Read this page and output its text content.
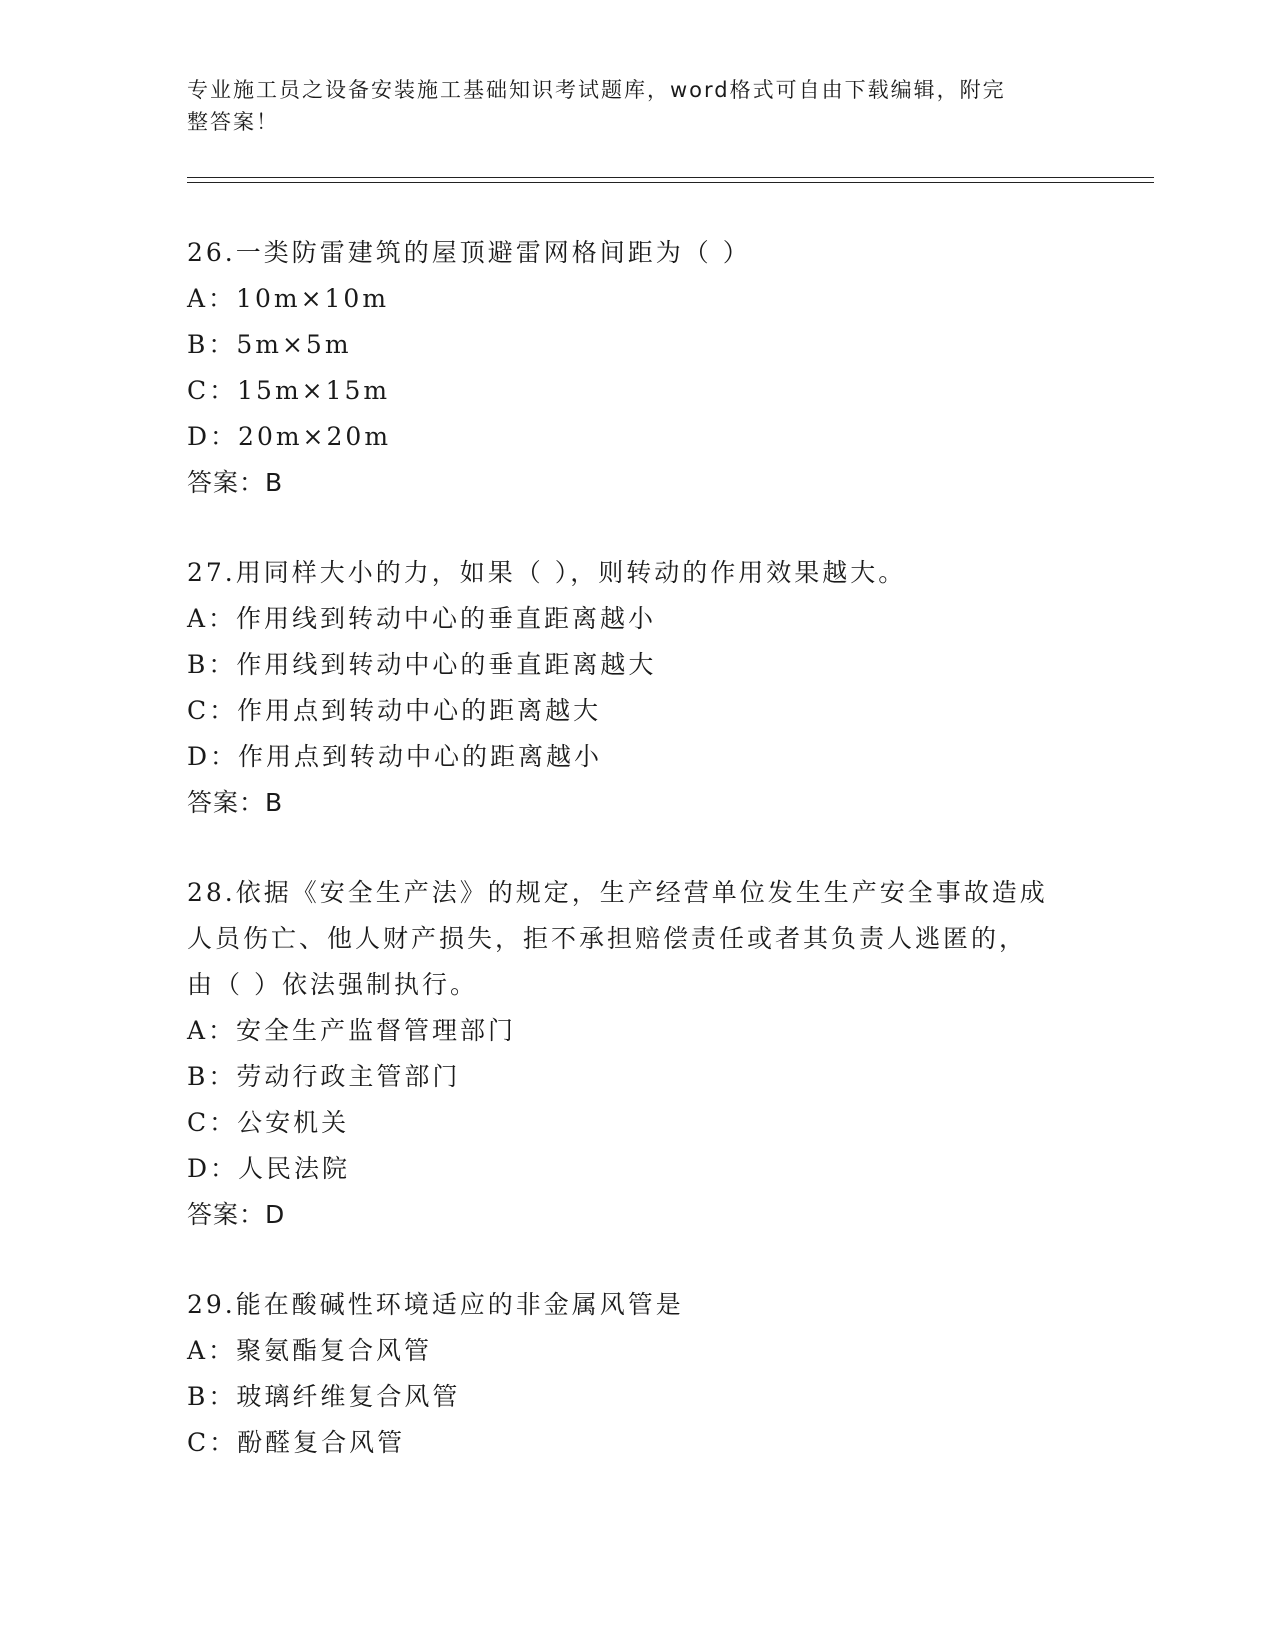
专业施工员之设备安装施工基础知识考试题库，word格式可自由下载编辑，附完
整答案！
26.一类防雷建筑的屋顶避雷网格间距为（ ）
A：10m×10m
B：5m×5m
C：15m×15m
D：20m×20m
答案：B
27.用同样大小的力，如果（ ），则转动的作用效果越大。
A：作用线到转动中心的垂直距离越小
B：作用线到转动中心的垂直距离越大
C：作用点到转动中心的距离越大
D：作用点到转动中心的距离越小
答案：B
28.依据《安全生产法》的规定，生产经营单位发生生产安全事故造成
人员伤亡、他人财产损失，拒不承担赔偿责任或者其负责人逃匿的，
由（ ）依法强制执行。
A：安全生产监督管理部门
B：劳动行政主管部门
C：公安机关
D：人民法院
答案：D
29.能在酸碱性环境适应的非金属风管是
A：聚氨酯复合风管
B：玻璃纤维复合风管
C：酚醛复合风管
